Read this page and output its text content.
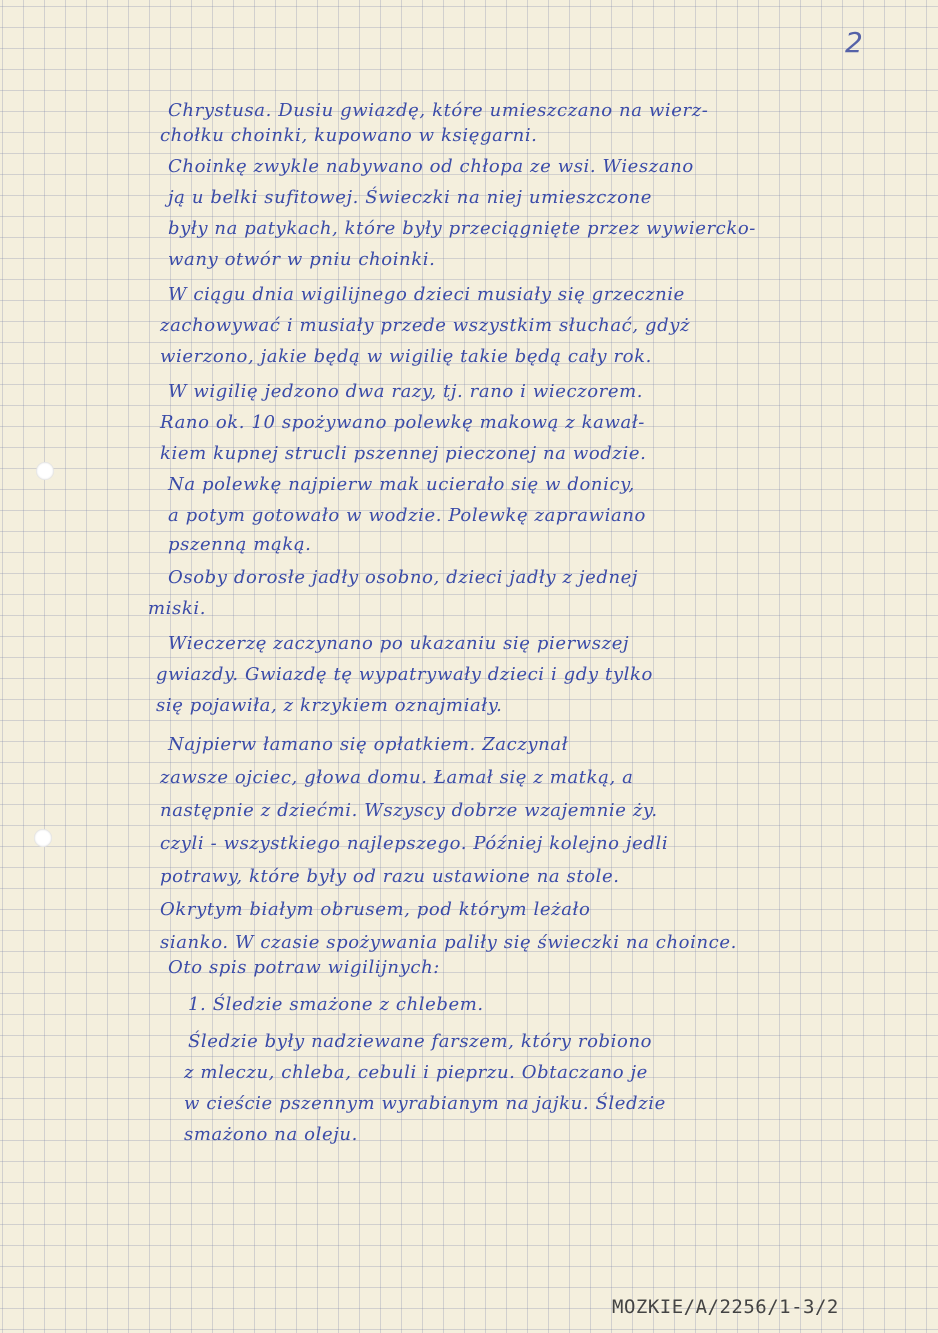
2
Chrystusa. Dusiu gwiazdę, które umieszczano na wierz-
chołku choinki, kupowano w księgarni.
Choinkę zwykle nabywano od chłopa ze wsi. Wieszano
ją u belki sufitowej. Świeczki na niej umieszczone
były na patykach, które były przeciągnięte przez wywiercko-
wany otwór w pniu choinki.
W ciągu dnia wigilijnego dzieci musiały się grzecznie
zachowywać i musiały przede wszystkim słuchać, gdyż
wierzono, jakie będą w wigilię takie będą cały rok.
W wigilię jedzono dwa razy, tj. rano i wieczorem.
Rano ok. 10 spożywano polewkę makową z kawał-
kiem kupnej strucli pszennej pieczonej na wodzie.
Na polewkę najpierw mak ucierało się w donicy,
a potym gotowało w wodzie. Polewkę zaprawiano
pszenną mąką.
Osoby dorosłe jadły osobno, dzieci jadły z jednej
miski.
Wieczerzę zaczynano po ukazaniu się pierwszej
gwiazdy. Gwiazdę tę wypatrywały dzieci i gdy tylko
się pojawiła, z krzykiem oznajmiały.
Najpierw łamano się opłatkiem. Zaczynał
zawsze ojciec, głowa domu. Łamał się z matką, a
następnie z dziećmi. Wszyscy dobrze wzajemnie ży.
czyli - wszystkiego najlepszego. Później kolejno jedli
potrawy, które były od razu ustawione na stole.
Okrytym białym obrusem, pod którym leżało
sianko. W czasie spożywania paliły się świeczki na choince.
Oto spis potraw wigilijnych:
1. Śledzie smażone z chlebem.
Śledzie były nadziewane farszem, który robiono
z mleczu, chleba, cebuli i pieprzu. Obtaczano je
w cieście pszennym wyrabianym na jajku. Śledzie
smażono na oleju.
MOZKIE/A/2256/1-3/2
